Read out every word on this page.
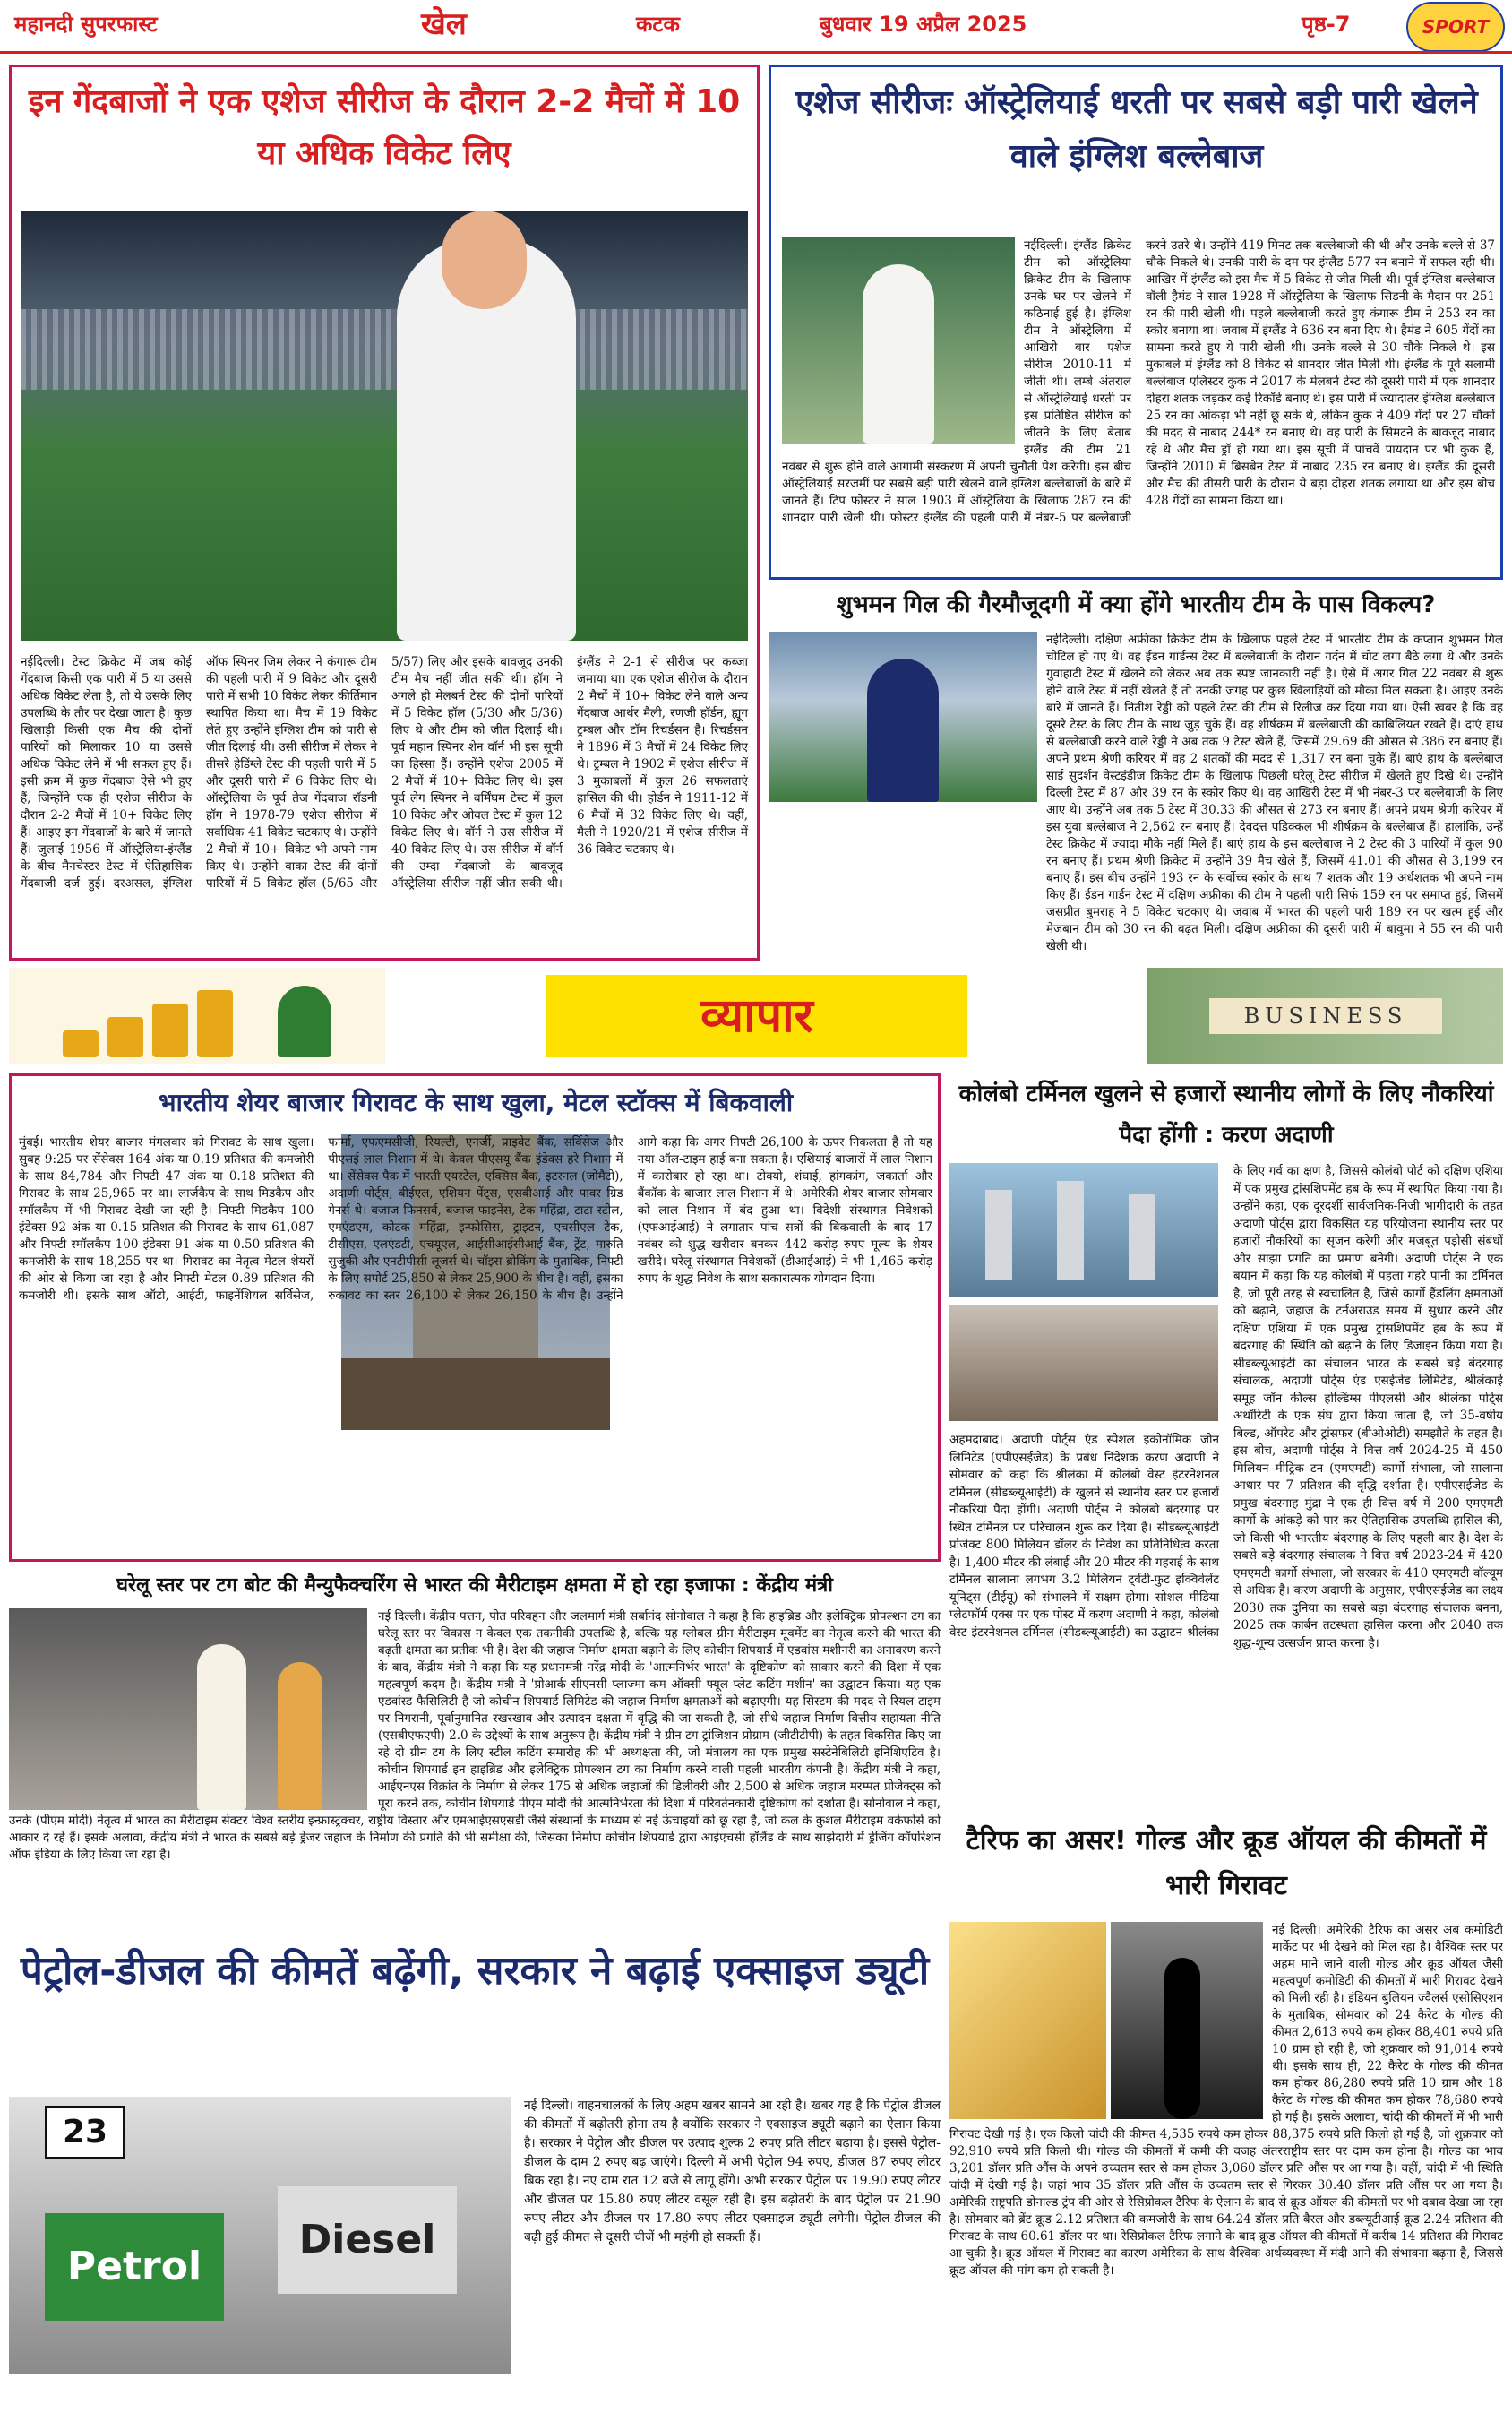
महानदी सुपरफास्ट	खेल	कटक	बुधवार 19 अप्रैल 2025	पृष्ठ-7	SPORT
इन गेंदबाजों ने एक एशेज सीरीज के दौरान 2-2 मैचों में 10 या अधिक विकेट लिए
नईदिल्ली। टेस्ट क्रिकेट में जब कोई गेंदबाज किसी एक पारी में 5 या उससे अधिक विकेट लेता है, तो ये उसके लिए उपलब्धि के तौर पर देखा जाता है। कुछ खिलाड़ी किसी एक मैच की दोनों पारियों को मिलाकर 10 या उससे अधिक विकेट लेने में भी सफल हुए हैं। इसी क्रम में कुछ गेंदबाज ऐसे भी हुए हैं, जिन्होंने एक ही एशेज सीरीज के दौरान 2-2 मैचों में 10+ विकेट लिए हैं। आइए इन गेंदबाजों के बारे में जानते हैं। जुलाई 1956 में ऑस्ट्रेलिया-इंग्लैंड के बीच मैनचेस्टर टेस्ट में ऐतिहासिक गेंदबाजी दर्ज हुई। दरअसल, इंग्लिश ऑफ स्पिनर जिम लेकर ने कंगारू टीम की पहली पारी में 9 विकेट और दूसरी पारी में सभी 10 विकेट लेकर कीर्तिमान स्थापित किया था। मैच में 19 विकेट लेते हुए उन्होंने इंग्लिश टीम को पारी से जीत दिलाई थी। उसी सीरीज में लेकर ने तीसरे हेडिंग्ले टेस्ट की पहली पारी में 5 और दूसरी पारी में 6 विकेट लिए थे। ऑस्ट्रेलिया के पूर्व तेज गेंदबाज रॉडनी हॉग ने 1978-79 एशेज सीरीज में सर्वाधिक 41 विकेट चटकाए थे। उन्होंने 2 मैचों में 10+ विकेट भी अपने नाम किए थे। उन्होंने वाका टेस्ट की दोनों पारियों में 5 विकेट हॉल (5/65 और 5/57) लिए और इसके बावजूद उनकी टीम मैच नहीं जीत सकी थी। हॉग ने अगले ही मेलबर्न टेस्ट की दोनों पारियों में 5 विकेट हॉल (5/30 और 5/36) लिए थे और टीम को जीत दिलाई थी। पूर्व महान स्पिनर शेन वॉर्न भी इस सूची का हिस्सा हैं। उन्होंने एशेज 2005 में 2 मैचों में 10+ विकेट लिए थे। इस पूर्व लेग स्पिनर ने बर्मिंघम टेस्ट में कुल 10 विकेट और ओवल टेस्ट में कुल 12 विकेट लिए थे। वॉर्न ने उस सीरीज में 40 विकेट लिए थे। उस सीरीज में वॉर्न की उम्दा गेंदबाजी के बावजूद ऑस्ट्रेलिया सीरीज नहीं जीत सकी थी। इंग्लैंड ने 2-1 से सीरीज पर कब्जा जमाया था। एक एशेज सीरीज के दौरान 2 मैचों में 10+ विकेट लेने वाले अन्य गेंदबाज आर्थर मैली, रणजी हॉर्डन, ह्यूग ट्रम्बल और टॉम रिचर्डसन हैं। रिचर्डसन ने 1896 में 3 मैचों में 24 विकेट लिए थे। ट्रम्बल ने 1902 में एशेज सीरीज में 3 मुकाबलों में कुल 26 सफलताएं हासिल की थी। होर्डन ने 1911-12 में 6 मैचों में 32 विकेट लिए थे। वहीं, मैली ने 1920/21 में एशेज सीरीज में 36 विकेट चटकाए थे।
एशेज सीरीजः ऑस्ट्रेलियाई धरती पर सबसे बड़ी पारी खेलने वाले इंग्लिश बल्लेबाज
नईदिल्ली। इंग्लैंड क्रिकेट टीम को ऑस्ट्रेलिया क्रिकेट टीम के खिलाफ उनके घर पर खेलने में कठिनाई हुई है। इंग्लिश टीम ने ऑस्ट्रेलिया में आखिरी बार एशेज सीरीज 2010-11 में जीती थी। लम्बे अंतराल से ऑस्ट्रेलियाई धरती पर इस प्रतिष्ठित सीरीज को जीतने के लिए बेताब इंग्लैंड की टीम 21 नवंबर से शुरू होने वाले आगामी संस्करण में अपनी चुनौती पेश करेगी। इस बीच ऑस्ट्रेलियाई सरजमीं पर सबसे बड़ी पारी खेलने वाले इंग्लिश बल्लेबाजों के बारे में जानते हैं। टिप फोस्टर ने साल 1903 में ऑस्ट्रेलिया के खिलाफ 287 रन की शानदार पारी खेली थी। फोस्टर इंग्लैंड की पहली पारी में नंबर-5 पर बल्लेबाजी करने उतरे थे। उन्होंने 419 मिनट तक बल्लेबाजी की थी और उनके बल्ले से 37 चौके निकले थे। उनकी पारी के दम पर इंग्लैंड 577 रन बनाने में सफल रही थी। आखिर में इंग्लैंड को इस मैच में 5 विकेट से जीत मिली थी। पूर्व इंग्लिश बल्लेबाज वॉली हैमंड ने साल 1928 में ऑस्ट्रेलिया के खिलाफ सिडनी के मैदान पर 251 रन की पारी खेली थी। पहले बल्लेबाजी करते हुए कंगारू टीम ने 253 रन का स्कोर बनाया था। जवाब में इंग्लैंड ने 636 रन बना दिए थे। हैमंड ने 605 गेंदों का सामना करते हुए ये पारी खेली थी। उनके बल्ले से 30 चौके निकले थे। इस मुकाबले में इंग्लैंड को 8 विकेट से शानदार जीत मिली थी। इंग्लैंड के पूर्व सलामी बल्लेबाज एलिस्टर कुक ने 2017 के मेलबर्न टेस्ट की दूसरी पारी में एक शानदार दोहरा शतक जड़कर कई रिकॉर्ड बनाए थे। इस पारी में ज्यादातर इंग्लिश बल्लेबाज 25 रन का आंकड़ा भी नहीं छू सके थे, लेकिन कुक ने 409 गेंदों पर 27 चौकों की मदद से नाबाद 244* रन बनाए थे। वह पारी के सिमटने के बावजूद नाबाद रहे थे और मैच ड्रॉ हो गया था। इस सूची में पांचवें पायदान पर भी कुक हैं, जिन्होंने 2010 में ब्रिसबेन टेस्ट में नाबाद 235 रन बनाए थे। इंग्लैंड की दूसरी और मैच की तीसरी पारी के दौरान ये बड़ा दोहरा शतक लगाया था और इस बीच 428 गेंदों का सामना किया था।
शुभमन गिल की गैरमौजूदगी में क्या होंगे भारतीय टीम के पास विकल्प?
नईदिल्ली। दक्षिण अफ्रीका क्रिकेट टीम के खिलाफ पहले टेस्ट में भारतीय टीम के कप्तान शुभमन गिल चोटिल हो गए थे। वह ईडन गार्डन्स टेस्ट में बल्लेबाजी के दौरान गर्दन में चोट लगा बैठे लगा थे और उनके गुवाहाटी टेस्ट में खेलने को लेकर अब तक स्पष्ट जानकारी नहीं है। ऐसे में अगर गिल 22 नवंबर से शुरू होने वाले टेस्ट में नहीं खेलते हैं तो उनकी जगह पर कुछ खिलाड़ियों को मौका मिल सकता है। आइए उनके बारे में जानते हैं। नितीश रेड्डी को पहले टेस्ट की टीम से रिलीज कर दिया गया था। ऐसी खबर है कि वह दूसरे टेस्ट के लिए टीम के साथ जुड़ चुके हैं। वह शीर्षक्रम में बल्लेबाजी की काबिलियत रखते हैं। दाएं हाथ से बल्लेबाजी करने वाले रेड्डी ने अब तक 9 टेस्ट खेले हैं, जिसमें 29.69 की औसत से 386 रन बनाए हैं। अपने प्रथम श्रेणी करियर में वह 2 शतकों की मदद से 1,317 रन बना चुके हैं। बाएं हाथ के बल्लेबाज साई सुदर्शन वेस्टइंडीज क्रिकेट टीम के खिलाफ पिछली घरेलू टेस्ट सीरीज में खेलते हुए दिखे थे। उन्होंने दिल्ली टेस्ट में 87 और 39 रन के स्कोर किए थे। वह आखिरी टेस्ट में भी नंबर-3 पर बल्लेबाजी के लिए आए थे। उन्होंने अब तक 5 टेस्ट में 30.33 की औसत से 273 रन बनाए हैं। अपने प्रथम श्रेणी करियर में इस युवा बल्लेबाज ने 2,562 रन बनाए हैं। देवदत्त पडिक्कल भी शीर्षक्रम के बल्लेबाज हैं। हालांकि, उन्हें टेस्ट क्रिकेट में ज्यादा मौके नहीं मिले हैं। बाएं हाथ के इस बल्लेबाज ने 2 टेस्ट की 3 पारियों में कुल 90 रन बनाए हैं। प्रथम श्रेणी क्रिकेट में उन्होंने 39 मैच खेले हैं, जिसमें 41.01 की औसत से 3,199 रन बनाए हैं। इस बीच उन्होंने 193 रन के सर्वोच्च स्कोर के साथ 7 शतक और 19 अर्धशतक भी अपने नाम किए हैं। ईडन गार्डन टेस्ट में दक्षिण अफ्रीका की टीम ने पहली पारी सिर्फ 159 रन पर समाप्त हुई, जिसमें जसप्रीत बुमराह ने 5 विकेट चटकाए थे। जवाब में भारत की पहली पारी 189 रन पर खत्म हुई और मेजबान टीम को 30 रन की बढ़त मिली। दक्षिण अफ्रीका की दूसरी पारी में बावुमा ने 55 रन की पारी खेली थी।
व्यापार	BUSINESS
भारतीय शेयर बाजार गिरावट के साथ खुला, मेटल स्टॉक्स में बिकवाली
मुंबई। भारतीय शेयर बाजार मंगलवार को गिरावट के साथ खुला। सुबह 9:25 पर सेंसेक्स 164 अंक या 0.19 प्रतिशत की कमजोरी के साथ 84,784 और निफ्टी 47 अंक या 0.18 प्रतिशत की गिरावट के साथ 25,965 पर था। लार्जकैप के साथ मिडकैप और स्मॉलकैप में भी गिरावट देखी जा रही है। निफ्टी मिडकैप 100 इंडेक्स 92 अंक या 0.15 प्रतिशत की गिरावट के साथ 61,087 और निफ्टी स्मॉलकैप 100 इंडेक्स 91 अंक या 0.50 प्रतिशत की कमजोरी के साथ 18,255 पर था। गिरावट का नेतृत्व मेटल शेयरों की ओर से किया जा रहा है और निफ्टी मेटल 0.89 प्रतिशत की कमजोरी थी। इसके साथ ऑटो, आईटी, फाइनेंशियल सर्विसेज, फार्मा, एफएमसीजी, रियल्टी, एनर्जी, प्राइवेट बैंक, सर्विसेज और पीएसई लाल निशान में थे। केवल पीएसयू बैंक इंडेक्स हरे निशान में था। सेंसेक्स पैक में भारती एयरटेल, एक्सिस बैंक, इटरनल (जोमैटो), अदाणी पोर्ट्स, बीईएल, एशियन पेंट्स, एसबीआई और पावर ग्रिड गेनर्स थे। बजाज फिनसर्व, बजाज फाइनेंस, टेक महिंद्रा, टाटा स्टील, एमएंडएम, कोटक महिंद्रा, इन्फोसिस, ट्राइटन, एचसीएल टेक, टीसीएस, एलएंडटी, एचयूएल, आईसीआईसीआई बैंक, ट्रेंट, मारुति सुजुकी और एनटीपीसी लूजर्स थे। चॉइस ब्रोकिंग के मुताबिक, निफ्टी के लिए सपोर्ट 25,850 से लेकर 25,900 के बीच है। वहीं, इसका रुकावट का स्तर 26,100 से लेकर 26,150 के बीच है। उन्होंने आगे कहा कि अगर निफ्टी 26,100 के ऊपर निकलता है तो यह नया ऑल-टाइम हाई बना सकता है। एशियाई बाजारों में लाल निशान में कारोबार हो रहा था। टोक्यो, शंघाई, हांगकांग, जकार्ता और बैंकॉक के बाजार लाल निशान में थे। अमेरिकी शेयर बाजार सोमवार को लाल निशान में बंद हुआ था। विदेशी संस्थागत निवेशकों (एफआईआई) ने लगातार पांच सत्रों की बिकवाली के बाद 17 नवंबर को शुद्ध खरीदार बनकर 442 करोड़ रुपए मूल्य के शेयर खरीदे। घरेलू संस्थागत निवेशकों (डीआईआई) ने भी 1,465 करोड़ रुपए के शुद्ध निवेश के साथ सकारात्मक योगदान दिया।
कोलंबो टर्मिनल खुलने से हजारों स्थानीय लोगों के लिए नौकरियां पैदा होंगी : करण अदाणी
अहमदाबाद। अदाणी पोर्ट्स एंड स्पेशल इकोनॉमिक जोन लिमिटेड (एपीएसईजेड) के प्रबंध निदेशक करण अदाणी ने सोमवार को कहा कि श्रीलंका में कोलंबो वेस्ट इंटरनेशनल टर्मिनल (सीडब्ल्यूआईटी) के खुलने से स्थानीय स्तर पर हजारों नौकरियां पैदा होंगी। अदाणी पोर्ट्स ने कोलंबो बंदरगाह पर स्थित टर्मिनल पर परिचालन शुरू कर दिया है। सीडब्ल्यूआईटी प्रोजेक्ट 800 मिलियन डॉलर के निवेश का प्रतिनिधित्व करता है। 1,400 मीटर की लंबाई और 20 मीटर की गहराई के साथ टर्मिनल सालाना लगभग 3.2 मिलियन ट्वेंटी-फुट इक्विवेलेंट यूनिट्स (टीईयू) को संभालने में सक्षम होगा। सोशल मीडिया प्लेटफॉर्म एक्स पर एक पोस्ट में करण अदाणी ने कहा, कोलंबो वेस्ट इंटरनेशनल टर्मिनल (सीडब्ल्यूआईटी) का उद्घाटन श्रीलंका के लिए गर्व का क्षण है, जिससे कोलंबो पोर्ट को दक्षिण एशिया में एक प्रमुख ट्रांसशिपमेंट हब के रूप में स्थापित किया गया है। उन्होंने कहा, एक दूरदर्शी सार्वजनिक-निजी भागीदारी के तहत अदाणी पोर्ट्स द्वारा विकसित यह परियोजना स्थानीय स्तर पर हजारों नौकरियों का सृजन करेगी और मजबूत पड़ोसी संबंधों और साझा प्रगति का प्रमाण बनेगी। अदाणी पोर्ट्स ने एक बयान में कहा कि यह कोलंबो में पहला गहरे पानी का टर्मिनल है, जो पूरी तरह से स्वचालित है, जिसे कार्गो हैंडलिंग क्षमताओं को बढ़ाने, जहाज के टर्नअराउंड समय में सुधार करने और दक्षिण एशिया में एक प्रमुख ट्रांसशिपमेंट हब के रूप में बंदरगाह की स्थिति को बढ़ाने के लिए डिजाइन किया गया है। सीडब्ल्यूआईटी का संचालन भारत के सबसे बड़े बंदरगाह संचालक, अदाणी पोर्ट्स एंड एसईजेड लिमिटेड, श्रीलंकाई समूह जॉन कील्स होल्डिंग्स पीएलसी और श्रीलंका पोर्ट्स अथॉरिटी के एक संघ द्वारा किया जाता है, जो 35-वर्षीय बिल्ड, ऑपरेट और ट्रांसफर (बीओओटी) समझौते के तहत है। इस बीच, अदाणी पोर्ट्स ने वित्त वर्ष 2024-25 में 450 मिलियन मीट्रिक टन (एमएमटी) कार्गो संभाला, जो सालाना आधार पर 7 प्रतिशत की वृद्धि दर्शाता है। एपीएसईजेड के प्रमुख बंदरगाह मुंद्रा ने एक ही वित्त वर्ष में 200 एमएमटी कार्गो के आंकड़े को पार कर ऐतिहासिक उपलब्धि हासिल की, जो किसी भी भारतीय बंदरगाह के लिए पहली बार है। देश के सबसे बड़े बंदरगाह संचालक ने वित्त वर्ष 2023-24 में 420 एमएमटी कार्गो संभाला, जो सरकार के 410 एमएमटी वॉल्यूम से अधिक है। करण अदाणी के अनुसार, एपीएसईजेड का लक्ष्य 2030 तक दुनिया का सबसे बड़ा बंदरगाह संचालक बनना, 2025 तक कार्बन तटस्थता हासिल करना और 2040 तक शुद्ध-शून्य उत्सर्जन प्राप्त करना है।
घरेलू स्तर पर टग बोट की मैन्युफैक्चरिंग से भारत की मैरीटाइम क्षमता में हो रहा इजाफा : केंद्रीय मंत्री
नई दिल्ली। केंद्रीय पत्तन, पोत परिवहन और जलमार्ग मंत्री सर्बानंद सोनोवाल ने कहा है कि हाइब्रिड और इलेक्ट्रिक प्रोपल्शन टग का घरेलू स्तर पर विकास न केवल एक तकनीकी उपलब्धि है, बल्कि यह ग्लोबल ग्रीन मैरीटाइम मूवमेंट का नेतृत्व करने की भारत की बढ़ती क्षमता का प्रतीक भी है। देश की जहाज निर्माण क्षमता बढ़ाने के लिए कोचीन शिपयार्ड में एडवांस मशीनरी का अनावरण करने के बाद, केंद्रीय मंत्री ने कहा कि यह प्रधानमंत्री नरेंद्र मोदी के 'आत्मनिर्भर भारत' के दृष्टिकोण को साकार करने की दिशा में एक महत्वपूर्ण कदम है। केंद्रीय मंत्री ने 'प्रोआर्क सीएनसी प्लाज्मा कम ऑक्सी फ्यूल प्लेट कटिंग मशीन' का उद्घाटन किया। यह एक एडवांस्ड फैसिलिटी है जो कोचीन शिपयार्ड लिमिटेड की जहाज निर्माण क्षमताओं को बढ़ाएगी। यह सिस्टम की मदद से रियल टाइम पर निगरानी, पूर्वानुमानित रखरखाव और उत्पादन दक्षता में वृद्धि की जा सकती है, जो सीधे जहाज निर्माण वित्तीय सहायता नीति (एसबीएफएपी) 2.0 के उद्देश्यों के साथ अनुरूप है। केंद्रीय मंत्री ने ग्रीन टग ट्रांजिशन प्रोग्राम (जीटीटीपी) के तहत विकसित किए जा रहे दो ग्रीन टग के लिए स्टील कटिंग समारोह की भी अध्यक्षता की, जो मंत्रालय का एक प्रमुख सस्टेनेबिलिटी इनिशिएटिव है। कोचीन शिपयार्ड इन हाइब्रिड और इलेक्ट्रिक प्रोपल्शन टग का निर्माण करने वाली पहली भारतीय कंपनी है। केंद्रीय मंत्री ने कहा, आईएनएस विक्रांत के निर्माण से लेकर 175 से अधिक जहाजों की डिलीवरी और 2,500 से अधिक जहाज मरम्मत प्रोजेक्ट्स को पूरा करने तक, कोचीन शिपयार्ड पीएम मोदी की आत्मनिर्भरता की दिशा में परिवर्तनकारी दृष्टिकोण को दर्शाता है। सोनोवाल ने कहा, उनके (पीएम मोदी) नेतृत्व में भारत का मैरीटाइम सेक्टर विश्व स्तरीय इन्फ्रास्ट्रक्चर, राष्ट्रीय विस्तार और एमआईएसएसडी जैसे संस्थानों के माध्यम से नई ऊंचाइयों को छू रहा है, जो कल के कुशल मैरीटाइम वर्कफोर्स को आकार दे रहे हैं। इसके अलावा, केंद्रीय मंत्री ने भारत के सबसे बड़े ड्रेजर जहाज के निर्माण की प्रगति की भी समीक्षा की, जिसका निर्माण कोचीन शिपयार्ड द्वारा आईएचसी हॉलैंड के साथ साझेदारी में ड्रेजिंग कॉर्पोरेशन ऑफ इंडिया के लिए किया जा रहा है।
पेट्रोल-डीजल की कीमतें बढ़ेंगी, सरकार ने बढ़ाई एक्साइज ड्यूटी
23
Petrol
Diesel
नई दिल्ली। वाहनचालकों के लिए अहम खबर सामने आ रही है। खबर यह है कि पेट्रोल डीजल की कीमतों में बढ़ोतरी होना तय है क्योंकि सरकार ने एक्साइज ड्यूटी बढ़ाने का ऐलान किया है। सरकार ने पेट्रोल और डीजल पर उत्पाद शुल्क 2 रुपए प्रति लीटर बढ़ाया है। इससे पेट्रोल-डीजल के दाम 2 रुपए बढ़ जाएंगे। दिल्ली में अभी पेट्रोल 94 रुपए, डीजल 87 रुपए लीटर बिक रहा है। नए दाम रात 12 बजे से लागू होंगे। अभी सरकार पेट्रोल पर 19.90 रुपए लीटर और डीजल पर 15.80 रुपए लीटर वसूल रही है। इस बढ़ोतरी के बाद पेट्रोल पर 21.90 रुपए लीटर और डीजल पर 17.80 रुपए लीटर एक्साइज ड्यूटी लगेगी। पेट्रोल-डीजल की बढ़ी हुई कीमत से दूसरी चीजें भी महंगी हो सकती हैं।
टैरिफ का असर! गोल्ड और क्रूड ऑयल की कीमतों में भारी गिरावट
नई दिल्ली। अमेरिकी टैरिफ का असर अब कमोडिटी मार्केट पर भी देखने को मिल रहा है। वैश्विक स्तर पर अहम माने जाने वाली गोल्ड और क्रूड ऑयल जैसी महत्वपूर्ण कमोडिटी की कीमतों में भारी गिरावट देखने को मिली रही है। इंडियन बुलियन ज्वैलर्स एसोसिएशन के मुताबिक, सोमवार को 24 कैरेट के गोल्ड की कीमत 2,613 रुपये कम होकर 88,401 रुपये प्रति 10 ग्राम हो रही है, जो शुक्रवार को 91,014 रुपये थी। इसके साथ ही, 22 कैरेट के गोल्ड की कीमत कम होकर 86,280 रुपये प्रति 10 ग्राम और 18 कैरेट के गोल्ड की कीमत कम होकर 78,680 रुपये हो गई है। इसके अलावा, चांदी की कीमतों में भी भारी गिरावट देखी गई है। एक किलो चांदी की कीमत 4,535 रुपये कम होकर 88,375 रुपये प्रति किलो हो गई है, जो शुक्रवार को 92,910 रुपये प्रति किलो थी। गोल्ड की कीमतों में कमी की वजह अंतरराष्ट्रीय स्तर पर दाम कम होना है। गोल्ड का भाव 3,201 डॉलर प्रति औंस के अपने उच्चतम स्तर से कम होकर 3,060 डॉलर प्रति औंस पर आ गया है। वहीं, चांदी में भी स्थिति चांदी में देखी गई है। जहां भाव 35 डॉलर प्रति औंस के उच्चतम स्तर से गिरकर 30.40 डॉलर प्रति औंस पर आ गया है। अमेरिकी राष्ट्रपति डोनाल्ड ट्रंप की ओर से रेसिप्रोकल टैरिफ के ऐलान के बाद से क्रूड ऑयल की कीमतों पर भी दबाव देखा जा रहा है। सोमवार को ब्रेंट क्रूड 2.12 प्रतिशत की कमजोरी के साथ 64.24 डॉलर प्रति बैरल और डब्ल्यूटीआई क्रूड 2.24 प्रतिशत की गिरावट के साथ 60.61 डॉलर पर था। रेसिप्रोकल टैरिफ लगाने के बाद क्रूड ऑयल की कीमतों में करीब 14 प्रतिशत की गिरावट आ चुकी है। क्रूड ऑयल में गिरावट का कारण अमेरिका के साथ वैश्विक अर्थव्यवस्था में मंदी आने की संभावना बढ़ना है, जिससे क्रूड ऑयल की मांग कम हो सकती है।
